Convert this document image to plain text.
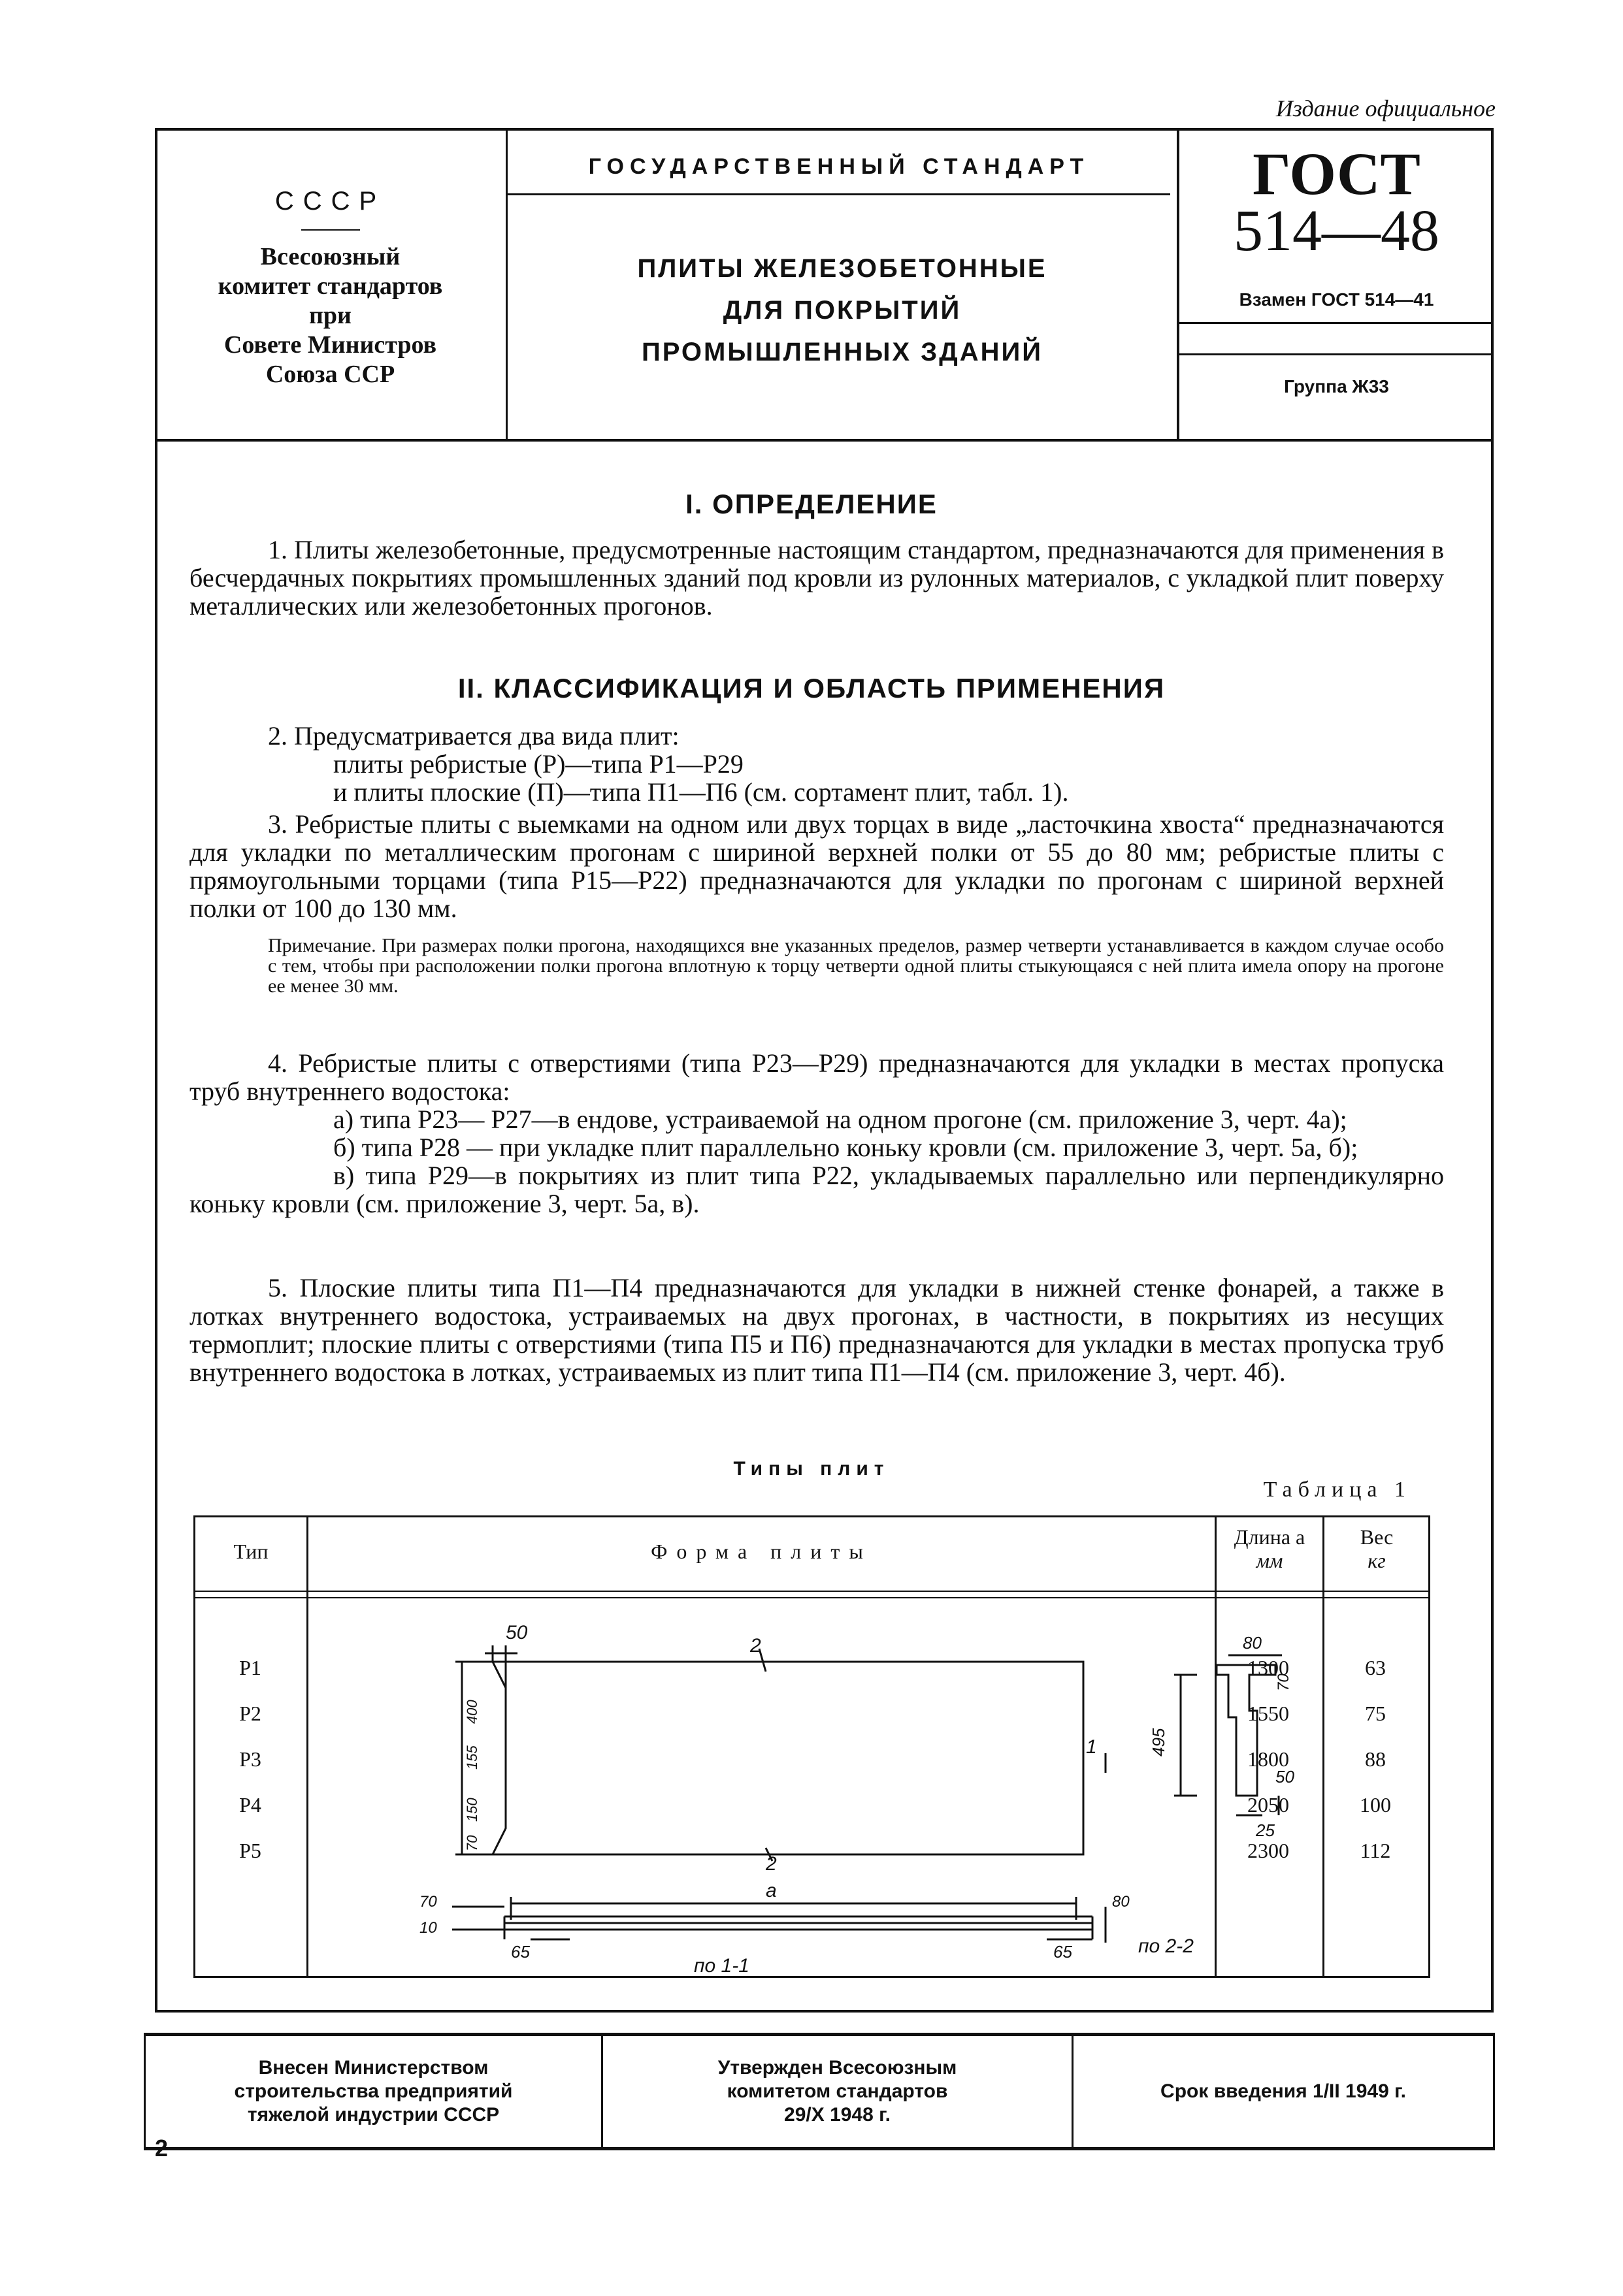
Издание официальное
СССР
Всесоюзный
комитет стандартов
при
Совете Министров
Союза ССР
ГОСУДАРСТВЕННЫЙ СТАНДАРТ
ПЛИТЫ ЖЕЛЕЗОБЕТОННЫЕ
ДЛЯ ПОКРЫТИЙ
ПРОМЫШЛЕННЫХ ЗДАНИЙ
ГОСТ
514—48
Взамен ГОСТ 514—41
Группа Ж33
I. ОПРЕДЕЛЕНИЕ
1. Плиты железобетонные, предусмотренные настоящим стандартом, предназначаются для применения в бесчердачных покрытиях промышленных зданий под кровли из рулонных материалов, с укладкой плит поверху металлических или железобетонных прогонов.
II. КЛАССИФИКАЦИЯ И ОБЛАСТЬ ПРИМЕНЕНИЯ
2. Предусматривается два вида плит:
плиты ребристые (Р)—типа Р1—Р29
и плиты плоские (П)—типа П1—П6 (см. сортамент плит, табл. 1).
3. Ребристые плиты с выемками на одном или двух торцах в виде „ласточкина хвоста“ предназначаются для укладки по металлическим прогонам с шириной верхней полки от 55 до 80 мм; ребристые плиты с прямоугольными торцами (типа Р15—Р22) предназначаются для укладки по прогонам с шириной верхней полки от 100 до 130 мм.
Примечание. При размерах полки прогона, находящихся вне указанных пределов, размер четверти устанавливается в каждом случае особо с тем, чтобы при расположении полки прогона вплотную к торцу четверти одной плиты стыкующаяся с ней плита имела опору на прогоне ее менее 30 мм.
4. Ребристые плиты с отверстиями (типа Р23—Р29) предназначаются для укладки в местах пропуска труб внутреннего водостока:
а) типа Р23— Р27—в ендове, устраиваемой на одном прогоне (см. приложение 3, черт. 4а);
б) типа Р28 — при укладке плит параллельно коньку кровли (см. приложение 3, черт. 5а, б);
в) типа Р29—в покрытиях из плит типа Р22, укладываемых параллельно или перпендикулярно коньку кровли (см. приложение 3, черт. 5а, в).
5. Плоские плиты типа П1—П4 предназначаются для укладки в нижней стенке фонарей, а также в лотках внутреннего водостока, устраиваемых на двух прогонах, в частности, в покрытиях из несущих термоплит; плоские плиты с отверстиями (типа П5 и П6) предназначаются для укладки в местах пропуска труб внутреннего водостока в лотках, устраиваемых из плит типа П1—П4 (см. приложение 3, черт. 4б).
Типы плит
Таблица 1
Тип	Форма плиты
Длина a
мм
Вес
кг
Р1
Р2
Р3
Р4
Р5
1300
1550
1800
2050
2300
63
75
88
100
112
50
2
1
2
a
65	65
по 1-1
по 2-2
80
80
25
50
70
10
495
70
400
155
150
70
Внесен Министерством
строительства предприятий
тяжелой индустрии СССР
Утвержден Всесоюзным
комитетом стандартов
29/X 1948 г.
Срок введения 1/II 1949 г.
2
